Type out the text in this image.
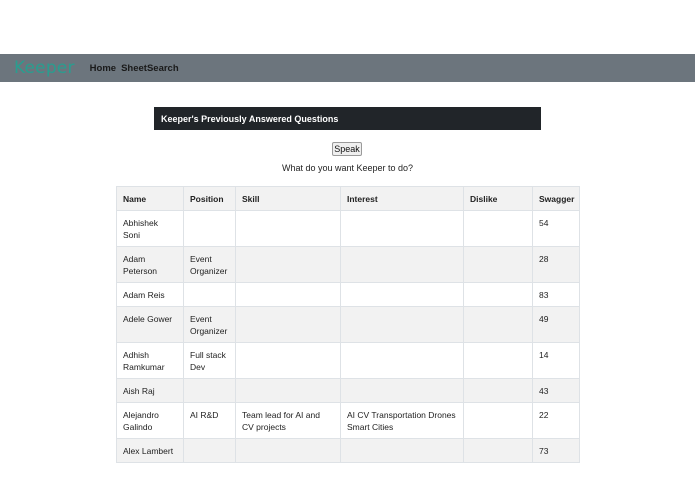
Keeper Home SheetSearch
Keeper's Previously Answered Questions
Speak
What do you want Keeper to do?
Name	Position	Skill	Interest	Dislike	Swagger
Abhishek Soni					54
Adam Peterson	Event Organizer				28
Adam Reis					83
Adele Gower	Event Organizer				49
Adhish Ramkumar	Full stack Dev				14
Aish Raj					43
Alejandro Galindo	AI R&D	Team lead for AI and CV projects	AI CV Transportation Drones Smart Cities		22
Alex Lambert					73
